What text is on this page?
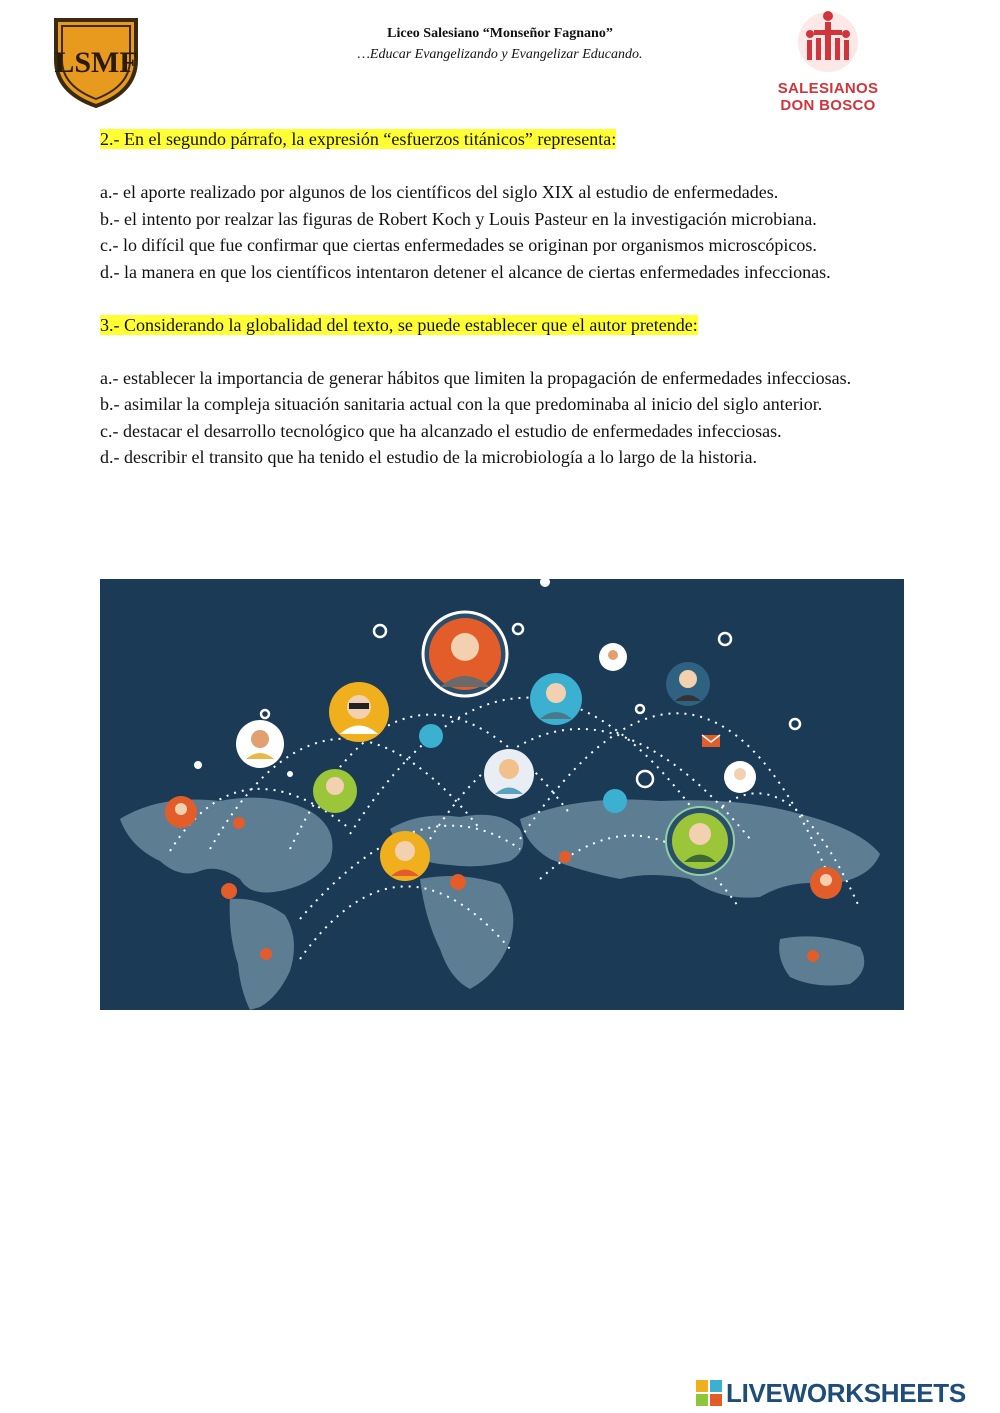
LSMF
Liceo Salesiano “Monseñor Fagnano”
…Educar Evangelizando y Evangelizar Educando.
SALESIANOS
DON BOSCO

2.- En el segundo párrafo, la expresión “esfuerzos titánicos” representa:

a.- el aporte realizado por algunos de los científicos del siglo XIX al estudio de enfermedades.

b.- el intento por realzar las figuras de Robert Koch y Louis Pasteur en la investigación microbiana.

c.- lo difícil que fue confirmar que ciertas enfermedades se originan por organismos microscópicos.

d.- la manera en que los científicos intentaron detener el alcance de ciertas enfermedades infeccionas.

3.- Considerando la globalidad del texto, se puede establecer que el autor pretende:

a.- establecer la importancia de generar hábitos que limiten la propagación de enfermedades infecciosas.

b.- asimilar la compleja situación sanitaria actual con la que predominaba al inicio del siglo anterior.

c.- destacar el desarrollo tecnológico que ha alcanzado el estudio de enfermedades infecciosas.

d.- describir el transito que ha tenido el estudio de la microbiología a lo largo de la historia.

LIVEWORKSHEETS
